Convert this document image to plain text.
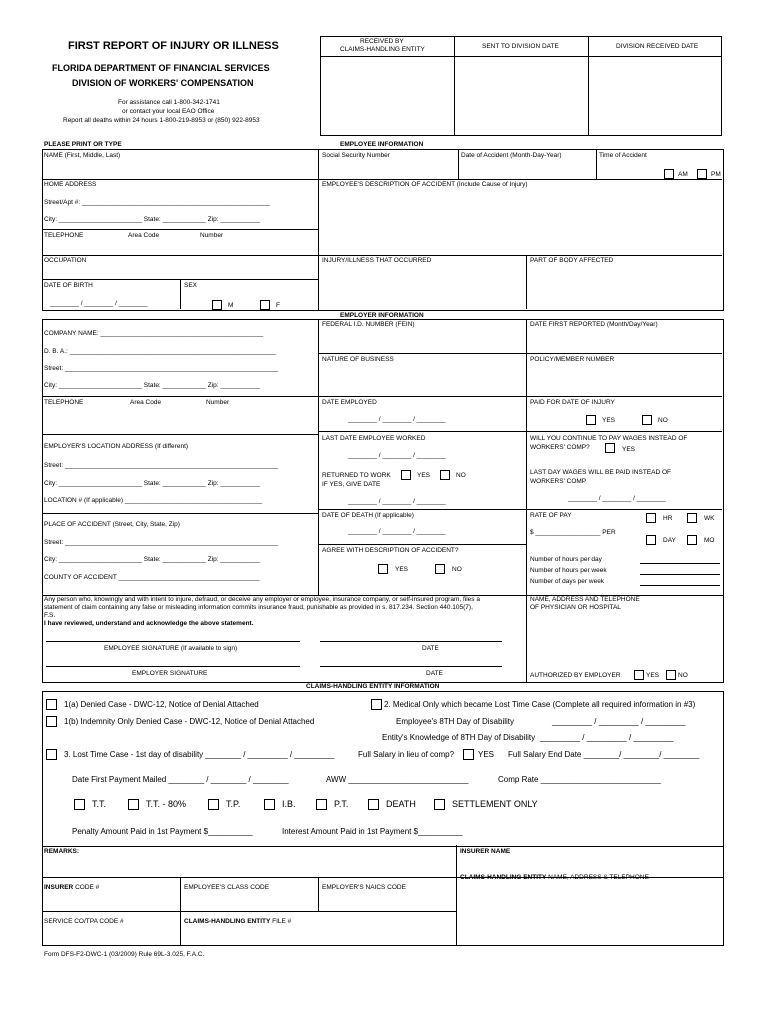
FIRST REPORT OF INJURY OR ILLNESS
FLORIDA DEPARTMENT OF FINANCIAL SERVICES
DIVISION OF WORKERS' COMPENSATION
For assistance call 1-800-342-1741
or contact your local EAO Office
Report all deaths within 24 hours 1-800-219-8953 or (850) 922-8953
RECEIVED BY
CLAIMS-HANDLING ENTITY	SENT TO DIVISION DATE	DIVISION RECEIVED DATE
PLEASE PRINT OR TYPE	EMPLOYEE INFORMATION
NAME (First, Middle, Last)
HOME ADDRESS
Street/Apt #: ____________________________________________________
City: _______________________ State: ____________ Zip: ___________
TELEPHONE	Area Code	Number
OCCUPATION
DATE OF BIRTH	SEX
________ / ________ / ________	M	F
Social Security Number	Date of Accident (Month-Day-Year)	Time of Accident
AM	PM
EMPLOYEE'S DESCRIPTION OF ACCIDENT (Include Cause of Injury)
INJURY/ILLNESS THAT OCCURRED	PART OF BODY AFFECTED
EMPLOYER INFORMATION
COMPANY NAME: _____________________________________________
D. B. A.: _________________________________________________________
Street: ___________________________________________________________
City: _______________________ State: ____________ Zip: ___________
TELEPHONE	Area Code	Number
EMPLOYER'S LOCATION ADDRESS (If different)
Street: ___________________________________________________________
City: _______________________ State: ____________ Zip: ___________
LOCATION # (If applicable) ______________________________________
PLACE OF ACCIDENT (Street, City, State, Zip)
Street: ___________________________________________________________
City: _______________________ State: ____________ Zip: ___________
COUNTY OF ACCIDENT _______________________________________
FEDERAL I.D. NUMBER (FEIN)	DATE FIRST REPORTED (Month/Day/Year)
NATURE OF BUSINESS	POLICY/MEMBER NUMBER
DATE EMPLOYED
________ / ________ / ________
PAID FOR DATE OF INJURY
YES	NO
LAST DATE EMPLOYEE WORKED
________ / ________ / ________
RETURNED TO WORK	YES	NO
IF YES, GIVE DATE
________ / ________ / ________
WILL YOU CONTINUE TO PAY WAGES INSTEAD OF
WORKERS' COMP?	YES
LAST DAY WAGES WILL BE PAID INSTEAD OF
WORKERS' COMP
________ / ________ / ________
DATE OF DEATH (If applicable)
________ / ________ / ________
AGREE WITH DESCRIPTION OF ACCIDENT?
YES	NO
RATE OF PAY	HR	WK
$ __________________ PER
DAY	MO
Number of hours per day
Number of hours per week
Number of days per week
Any person who, knowingly and with intent to injure, defraud, or deceive any employer or employee, insurance company, or self-insured program, files a
statement of claim containing any false or misleading information commits insurance fraud, punishable as provided in s. 817.234. Section 440.105(7),
F.S.
I have reviewed, understand and acknowledge the above statement.
EMPLOYEE SIGNATURE (If available to sign)	DATE
EMPLOYER SIGNATURE	DATE
NAME, ADDRESS AND TELEPHONE
OF PHYSICIAN OR HOSPITAL
AUTHORIZED BY EMPLOYER	YES	NO
CLAIMS-HANDLING ENTITY INFORMATION
1(a) Denied Case - DWC-12, Notice of Denial Attached	2. Medical Only which became Lost Time Case (Complete all required information in #3)
1(b) Indemnity Only Denied Case - DWC-12, Notice of Denial Attached	Employee's 8TH Day of Disability	_________ / _________ / _________
Entity's Knowledge of 8TH Day of Disability _________ / _________ / _________
3. Lost Time Case - 1st day of disability ________ / _________ / _________	Full Salary in lieu of comp?	YES Full Salary End Date ________/ ________/ ________
Date First Payment Mailed ________ / ________ / ________	AWW ___________________________	Comp Rate ___________________________
T.T.	T.T. - 80%	T.P.	I.B.	P.T.	DEATH	SETTLEMENT ONLY
Penalty Amount Paid in 1st Payment $__________	Interest Amount Paid in 1st Payment $__________
REMARKS:	INSURER NAME
CLAIMS-HANDLING ENTITY NAME, ADDRESS & TELEPHONE
INSURER CODE #	EMPLOYEE'S CLASS CODE	EMPLOYER'S NAICS CODE
SERVICE CO/TPA CODE #	CLAIMS-HANDLING ENTITY FILE #
Form DFS-F2-DWC-1 (03/2009) Rule 69L-3.025, F.A.C.
